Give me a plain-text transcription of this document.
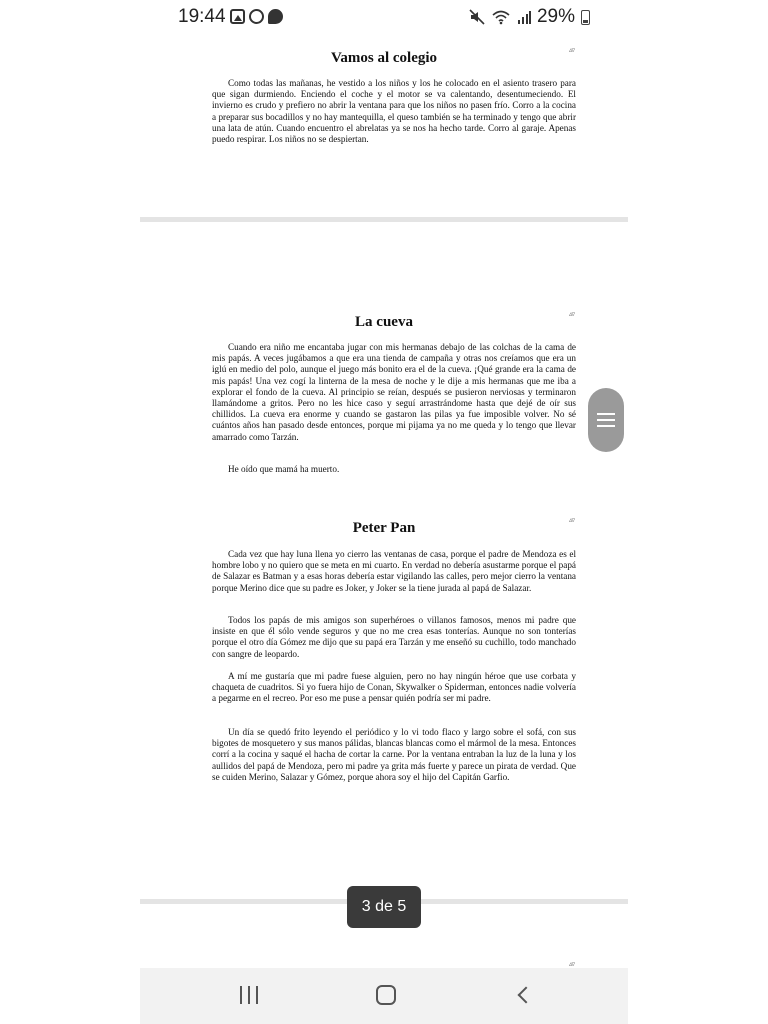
19:44	29%
Vamos al colegio	▵▿

Como todas las mañanas, he vestido a los niños y los he colocado en el asiento trasero para que sigan durmiendo. Enciendo el coche y el motor se va calentando, desentumeciendo. El invierno es crudo y prefiero no abrir la ventana para que los niños no pasen frío. Corro a la cocina a preparar sus bocadillos y no hay mantequilla, el queso también se ha terminado y tengo que abrir una lata de atún. Cuando encuentro el abrelatas ya se nos ha hecho tarde. Corro al garaje. Apenas puedo respirar. Los niños no se despiertan.

La cueva	▵▿

Cuando era niño me encantaba jugar con mis hermanas debajo de las colchas de la cama de mis papás. A veces jugábamos a que era una tienda de campaña y otras nos creíamos que era un iglú en medio del polo, aunque el juego más bonito era el de la cueva. ¡Qué grande era la cama de mis papás! Una vez cogí la linterna de la mesa de noche y le dije a mis hermanas que me iba a explorar el fondo de la cueva. Al principio se reían, después se pusieron nerviosas y terminaron llamándome a gritos. Pero no les hice caso y seguí arrastrándome hasta que dejé de oír sus chillidos. La cueva era enorme y cuando se gastaron las pilas ya fue imposible volver. No sé cuántos años han pasado desde entonces, porque mi pijama ya no me queda y lo tengo que llevar amarrado como Tarzán.

He oído que mamá ha muerto.

Peter Pan	▵▿

Cada vez que hay luna llena yo cierro las ventanas de casa, porque el padre de Mendoza es el hombre lobo y no quiero que se meta en mi cuarto. En verdad no debería asustarme porque el papá de Salazar es Batman y a esas horas debería estar vigilando las calles, pero mejor cierro la ventana porque Merino dice que su padre es Joker, y Joker se la tiene jurada al papá de Salazar.

Todos los papás de mis amigos son superhéroes o villanos famosos, menos mi padre que insiste en que él sólo vende seguros y que no me crea esas tonterías. Aunque no son tonterías porque el otro día Gómez me dijo que su papá era Tarzán y me enseñó su cuchillo, todo manchado con sangre de leopardo.

A mí me gustaría que mi padre fuese alguien, pero no hay ningún héroe que use corbata y chaqueta de cuadritos. Si yo fuera hijo de Conan, Skywalker o Spiderman, entonces nadie volvería a pegarme en el recreo. Por eso me puse a pensar quién podría ser mi padre.

Un día se quedó frito leyendo el periódico y lo vi todo flaco y largo sobre el sofá, con sus bigotes de mosquetero y sus manos pálidas, blancas blancas como el mármol de la mesa. Entonces corrí a la cocina y saqué el hacha de cortar la carne. Por la ventana entraban la luz de la luna y los aullidos del papá de Mendoza, pero mi padre ya grita más fuerte y parece un pirata de verdad. Que se cuiden Merino, Salazar y Gómez, porque ahora soy el hijo del Capitán Garfio.

▵▿
3 de 5
